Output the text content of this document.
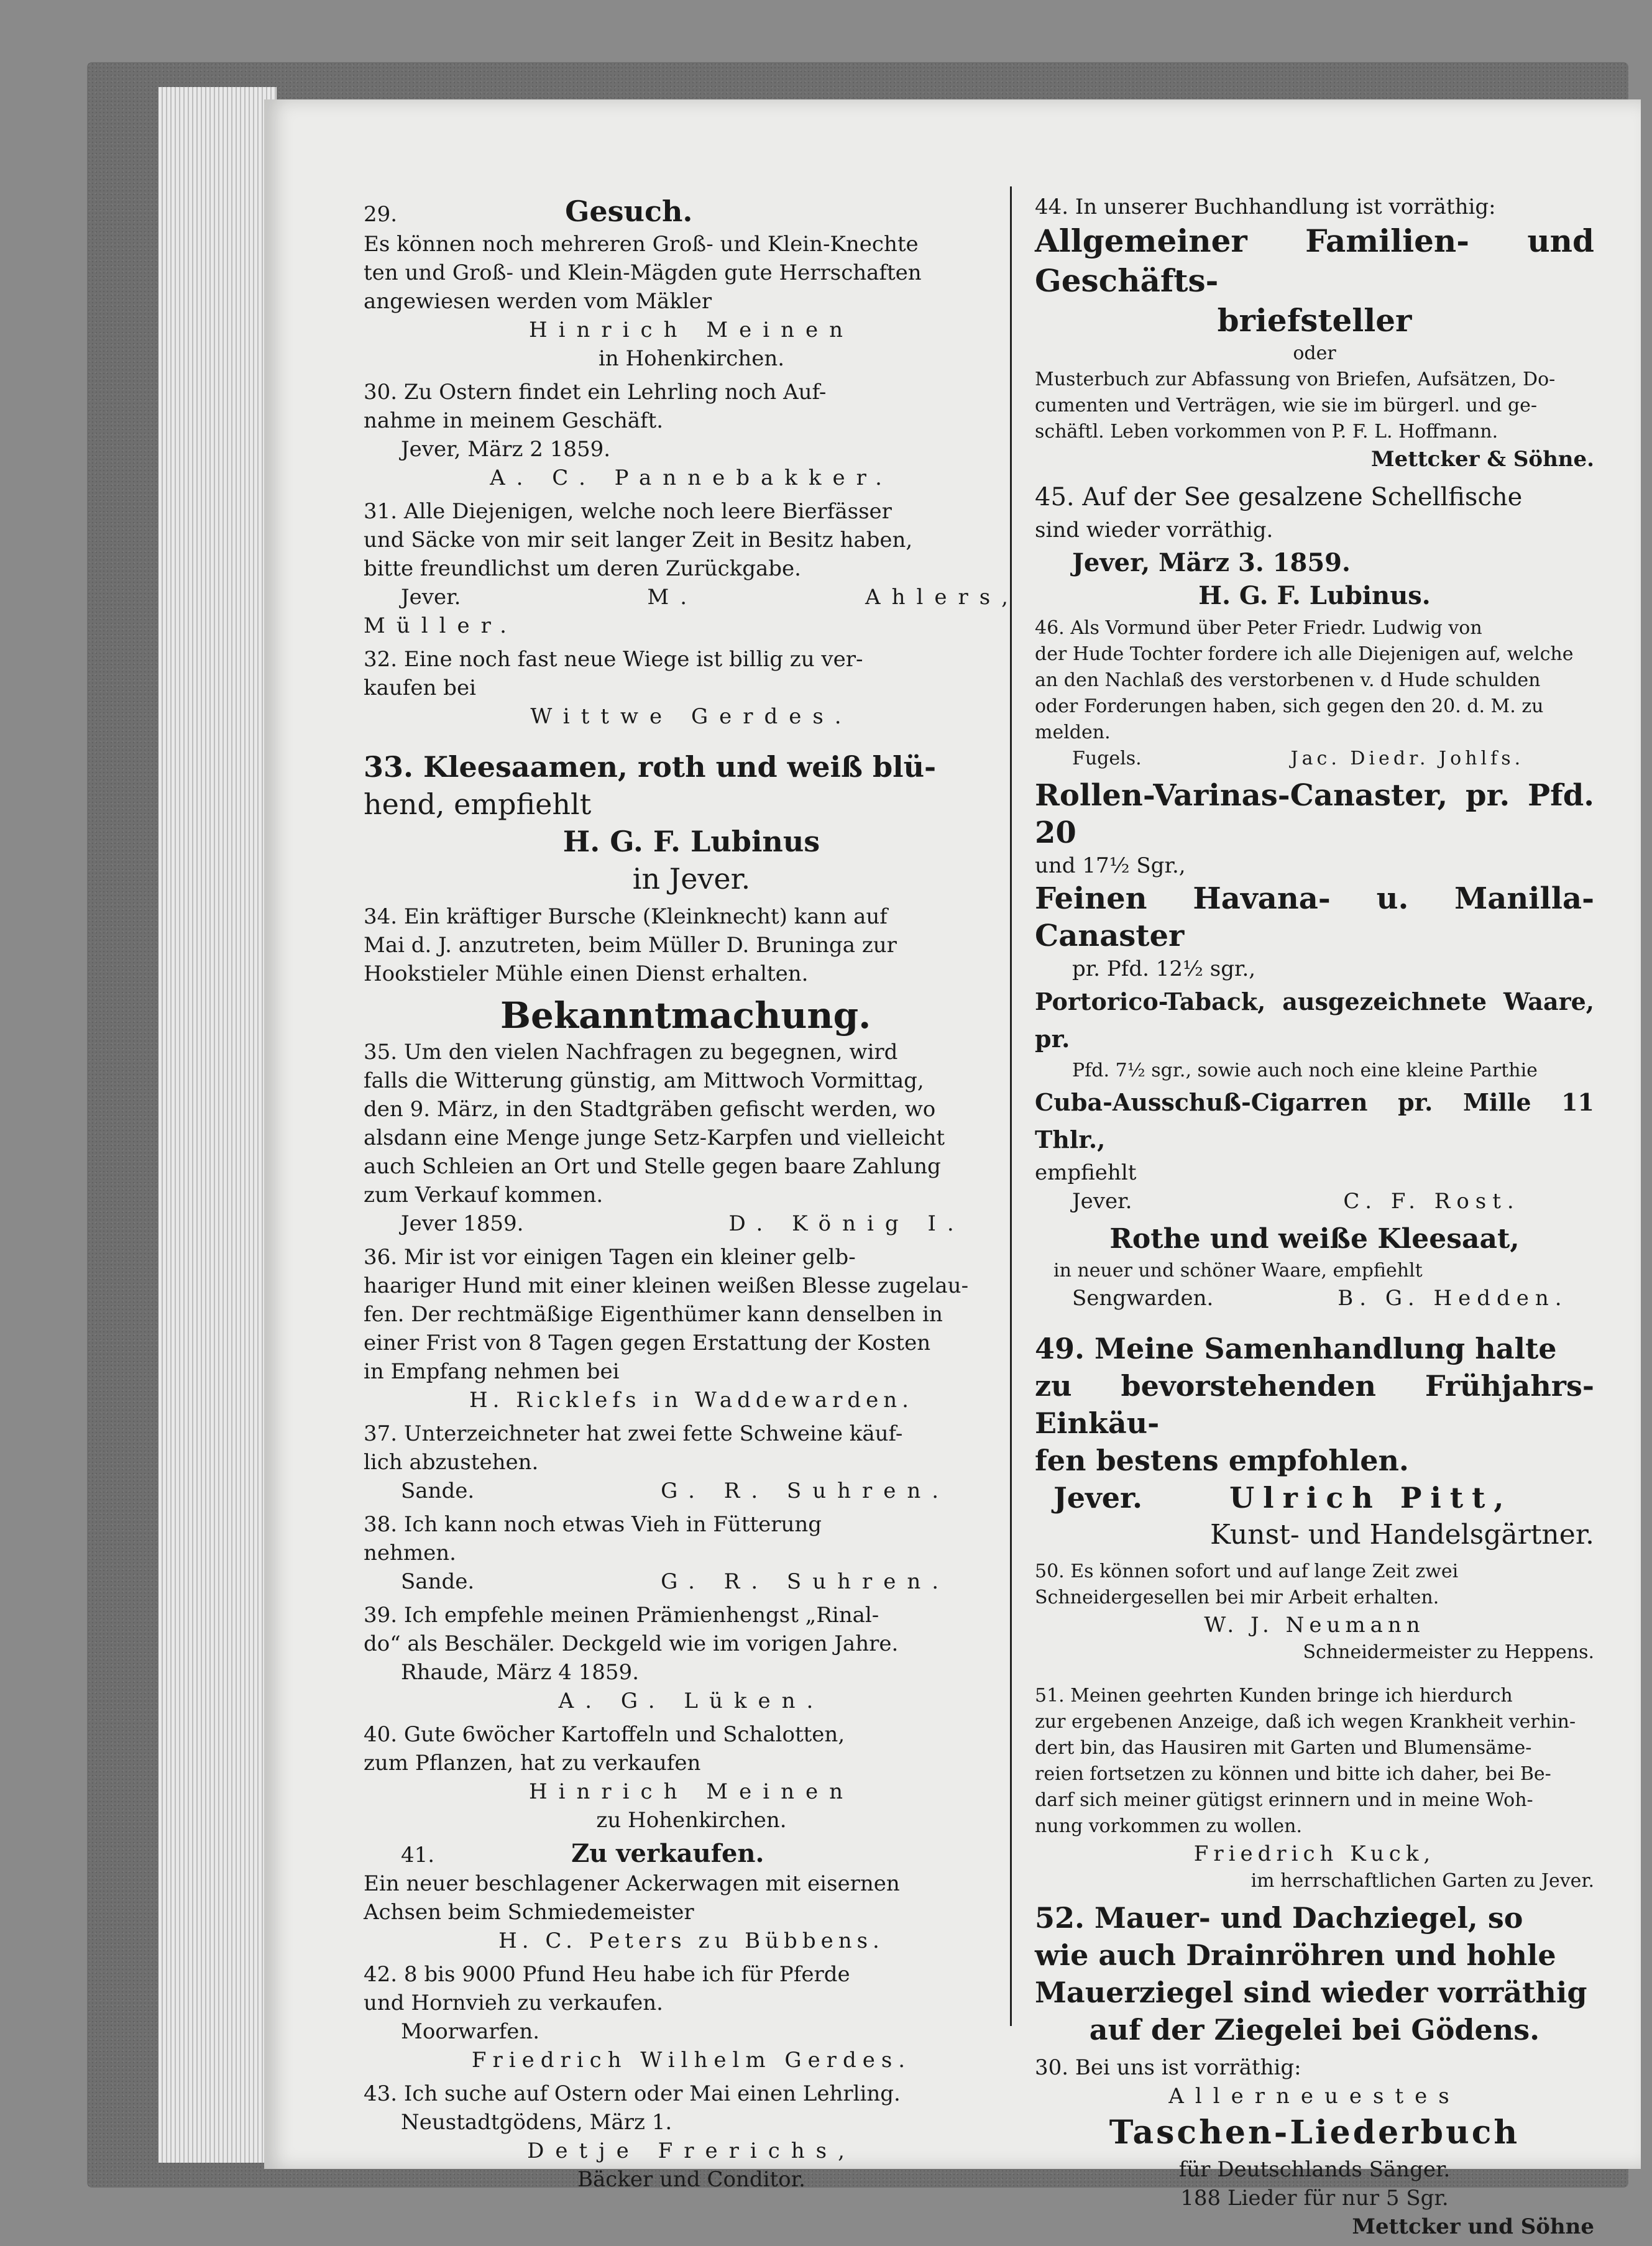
29.	Gesuch.
Es können noch mehreren Groß- und Klein-Knechte
ten und Groß- und Klein-Mägden gute Herrschaften
angewiesen werden vom Mäkler
Hinrich Meinen
in Hohenkirchen.
30. Zu Ostern findet ein Lehrling noch Auf-
nahme in meinem Geschäft.
Jever, März 2 1859.
A. C. Pannebakker.
31. Alle Diejenigen, welche noch leere Bierfässer
und Säcke von mir seit langer Zeit in Besitz haben,
bitte freundlichst um deren Zurückgabe.
Jever.	M. Ahlers, Müller.
32. Eine noch fast neue Wiege ist billig zu ver-
kaufen bei
Wittwe Gerdes.
33. Kleesaamen, roth und weiß blü-
hend, empfiehlt
H. G. F. Lubinus
in Jever.
34. Ein kräftiger Bursche (Kleinknecht) kann auf
Mai d. J. anzutreten, beim Müller D. Bruninga zur
Hookstieler Mühle einen Dienst erhalten.
Bekanntmachung.
35. Um den vielen Nachfragen zu begegnen, wird
falls die Witterung günstig, am Mittwoch Vormittag,
den 9. März, in den Stadtgräben gefischt werden, wo
alsdann eine Menge junge Setz-Karpfen und vielleicht
auch Schleien an Ort und Stelle gegen baare Zahlung
zum Verkauf kommen.
Jever 1859.	D. König I.
36. Mir ist vor einigen Tagen ein kleiner gelb-
haariger Hund mit einer kleinen weißen Blesse zugelau-
fen. Der rechtmäßige Eigenthümer kann denselben in
einer Frist von 8 Tagen gegen Erstattung der Kosten
in Empfang nehmen bei
H. Ricklefs in Waddewarden.
37. Unterzeichneter hat zwei fette Schweine käuf-
lich abzustehen.
Sande.	G. R. Suhren.
38. Ich kann noch etwas Vieh in Fütterung
nehmen.
Sande.	G. R. Suhren.
39. Ich empfehle meinen Prämienhengst „Rinal-
do“ als Beschäler. Deckgeld wie im vorigen Jahre.
Rhaude, März 4 1859.
A. G. Lüken.
40. Gute 6wöcher Kartoffeln und Schalotten,
zum Pflanzen, hat zu verkaufen
Hinrich Meinen
zu Hohenkirchen.
41.	Zu verkaufen.
Ein neuer beschlagener Ackerwagen mit eisernen
Achsen beim Schmiedemeister
H. C. Peters zu Bübbens.
42. 8 bis 9000 Pfund Heu habe ich für Pferde
und Hornvieh zu verkaufen.
Moorwarfen.
Friedrich Wilhelm Gerdes.
43. Ich suche auf Ostern oder Mai einen Lehrling.
Neustadtgödens, März 1.
Detje Frerichs,
Bäcker und Conditor.
44. In unserer Buchhandlung ist vorräthig:
Allgemeiner Familien- und Geschäfts-
briefsteller
oder
Musterbuch zur Abfassung von Briefen, Aufsätzen, Do-
cumenten und Verträgen, wie sie im bürgerl. und ge-
schäftl. Leben vorkommen von P. F. L. Hoffmann.
Mettcker & Söhne.
45. Auf der See gesalzene Schellfische
sind wieder vorräthig.
Jever, März 3. 1859.
H. G. F. Lubinus.
46. Als Vormund über Peter Friedr. Ludwig von
der Hude Tochter fordere ich alle Diejenigen auf, welche
an den Nachlaß des verstorbenen v. d Hude schulden
oder Forderungen haben, sich gegen den 20. d. M. zu
melden.
Fugels.	Jac. Diedr. Johlfs.
Rollen-Varinas-Canaster, pr. Pfd. 20
und 17½ Sgr.,
Feinen Havana- u. Manilla-Canaster
pr. Pfd. 12½ sgr.,
Portorico-Taback, ausgezeichnete Waare, pr.
Pfd. 7½ sgr., sowie auch noch eine kleine Parthie
Cuba-Ausschuß-Cigarren pr. Mille 11 Thlr.,
empfiehlt
Jever.	C. F. Rost.
Rothe und weiße Kleesaat,
in neuer und schöner Waare, empfiehlt
Sengwarden.	B. G. Hedden.
49. Meine Samenhandlung halte
zu bevorstehenden Frühjahrs-Einkäu-
fen bestens empfohlen.
Jever.	Ulrich Pitt,
Kunst- und Handelsgärtner.
50. Es können sofort und auf lange Zeit zwei
Schneidergesellen bei mir Arbeit erhalten.
W. J. Neumann
Schneidermeister zu Heppens.
51. Meinen geehrten Kunden bringe ich hierdurch
zur ergebenen Anzeige, daß ich wegen Krankheit verhin-
dert bin, das Hausiren mit Garten und Blumensäme-
reien fortsetzen zu können und bitte ich daher, bei Be-
darf sich meiner gütigst erinnern und in meine Woh-
nung vorkommen zu wollen.
Friedrich Kuck,
im herrschaftlichen Garten zu Jever.
52. Mauer- und Dachziegel, so
wie auch Drainröhren und hohle
Mauerziegel sind wieder vorräthig
auf der Ziegelei bei Gödens.
30. Bei uns ist vorräthig:
Allerneuestes
Taschen-Liederbuch
für Deutschlands Sänger.
188 Lieder für nur 5 Sgr.
Mettcker und Söhne
